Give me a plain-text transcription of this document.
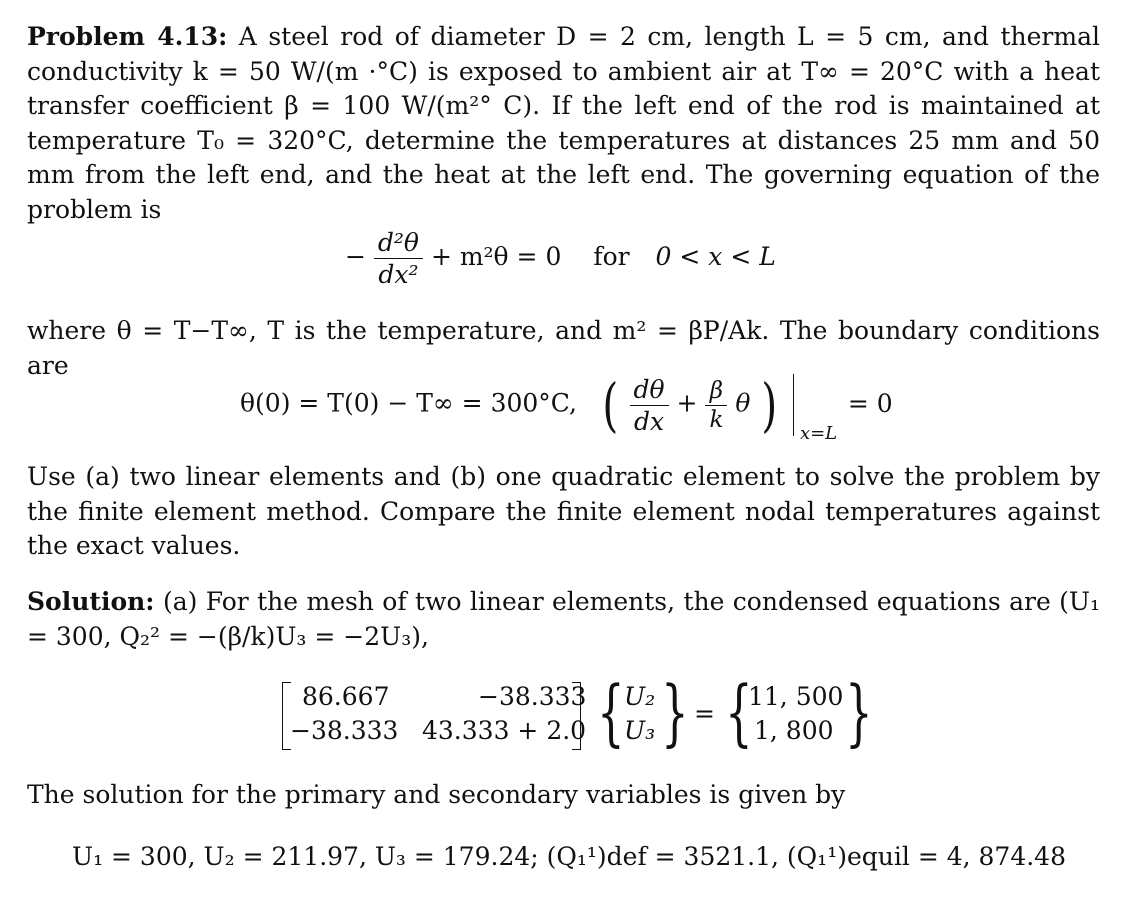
Problem 4.13: A steel rod of diameter D = 2 cm, length L = 5 cm, and thermal conductivity k = 50 W/(m ·°C) is exposed to ambient air at T∞ = 20°C with a heat transfer coefficient β = 100 W/(m²° C). If the left end of the rod is maintained at temperature T₀ = 320°C, determine the temperatures at distances 25 mm and 50 mm from the left end, and the heat at the left end. The governing equation of the problem is

− $\frac{\text{d²θ}}{\text{dx²}} + m^2\theta = 0$ for 0 < x < L

where θ = T−T∞, T is the temperature, and m² = βP/Ak. The boundary conditions are

θ(0) = T(0) − T∞ = 300°C, ( $\frac{d\theta}{dx} + \frac{\beta}{k}$ θ ) x=L
= 0

Use (a) two linear elements and (b) one quadratic element to solve the problem by the finite element method. Compare the finite element nodal temperatures against the exact values.

Solution: (a) For the mesh of two linear elements, the condensed equations are (U₁ = 300, Q₂² = −(β/k)U₃ = −2U₃),

86.667	−38.333
−38.333 43.333 + 2.0 { U₂
U₃ } = {
11, 500
1, 800 }

The solution for the primary and secondary variables is given by

U₁ = 300, U₂ = 211.97, U₃ = 179.24; (Q₁¹)def = 3521.1, (Q₁¹)equil = 4, 874.48
